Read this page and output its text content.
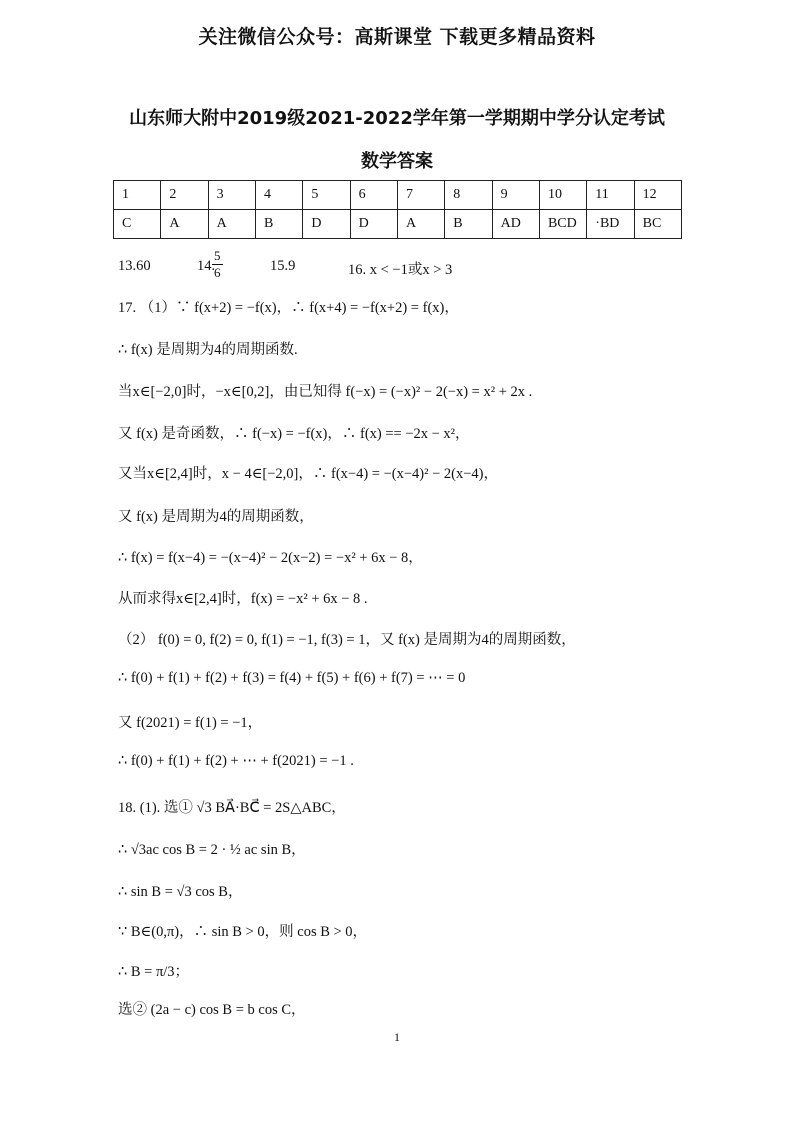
关注微信公众号：高斯课堂 下载更多精品资料
山东师大附中2019级2021-2022学年第一学期期中学分认定考试
数学答案
1	2	3	4	5	6	7	8	9	10	11	12
C	A	A	B	D	D	A	B	AD	BCD	·BD	BC
13.60	14.
$\frac{5}{6}$	15.9	16. x < −1或x > 3
17. （1）∵ f(x+2) = −f(x)，∴ f(x+4) = −f(x+2) = f(x)，
∴ f(x) 是周期为4的周期函数.
当x∈[−2,0]时，−x∈[0,2]，由已知得 f(−x) = (−x)² − 2(−x) = x² + 2x .
又 f(x) 是奇函数，∴ f(−x) = −f(x)，∴ f(x) == −2x − x²，
又当x∈[2,4]时，x − 4∈[−2,0]，∴ f(x−4) = −(x−4)² − 2(x−4)，
又 f(x) 是周期为4的周期函数，
∴ f(x) = f(x−4) = −(x−4)² − 2(x−2) = −x² + 6x − 8，
从而求得x∈[2,4]时，f(x) = −x² + 6x − 8 .
（2） f(0) = 0, f(2) = 0, f(1) = −1, f(3) = 1，又 f(x) 是周期为4的周期函数，
∴ f(0) + f(1) + f(2) + f(3) = f(4) + f(5) + f(6) + f(7) = ⋯ = 0
又 f(2021) = f(1) = −1，
∴ f(0) + f(1) + f(2) + ⋯ + f(2021) = −1 .
18. (1). 选① √3 BA⃗·BC⃗ = 2S△ABC，
∴ √3ac cos B = 2 · ½ ac sin B，
∴ sin B = √3 cos B，
∵ B∈(0,π)，∴ sin B > 0，则 cos B > 0，
∴ B = π/3；
选② (2a − c) cos B = b cos C，
1
